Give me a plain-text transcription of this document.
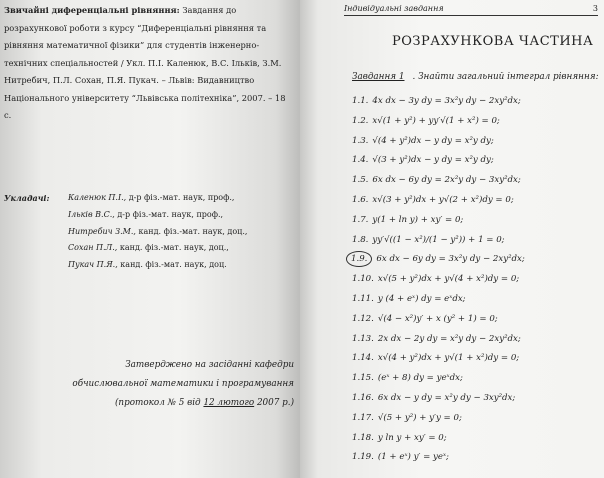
Звичайні диференціальні рівняння: Завдання до розрахункової роботи з курсу “Диференціальні рівняння та рівняння математичної фізики” для студентів інженерно-технічних спеціальностей / Укл. П.І. Каленюк, В.С. Ільків, З.М. Нитребич, П.Л. Сохан, П.Я. Пукач. – Львів: Видавництво Національного університету “Львівська політехніка”, 2007. – 18 с.
Укладачі: Каленюк П.І., д-р фіз.-мат. наук, проф.,
Ільків В.С., д-р фіз.-мат. наук, проф.,
Нитребич З.М., канд. фіз.-мат. наук, доц.,
Сохан П.Л., канд. фіз.-мат. наук, доц.,
Пукач П.Я., канд. фіз.-мат. наук, доц.
Затверджено на засіданні кафедри
обчислювальної математики і програмування
(протокол № 5 від 12 лютого 2007 р.)
Індивідуальні завдання	3
РОЗРАХУНКОВА ЧАСТИНА
Завдання 1 . Знайти загальний інтеграл рівняння:
1.1. 4x dx − 3y dy = 3x²y dy − 2xy²dx;
1.2. x√(1 + y²) + yy′√(1 + x²) = 0;
1.3. √(4 + y²)dx − y dy = x²y dy;
1.4. √(3 + y²)dx − y dy = x²y dy;
1.5. 6x dx − 6y dy = 2x²y dy − 3xy²dx;
1.6. x√(3 + y²)dx + y√(2 + x²)dy = 0;
1.7. y(1 + ln y) + xy′ = 0;
1.8. yy′√((1 − x²)/(1 − y²)) + 1 = 0;
1.9. 6x dx − 6y dy = 3x²y dy − 2xy²dx;
1.10. x√(5 + y²)dx + y√(4 + x²)dy = 0;
1.11. y (4 + eˣ) dy = eˣdx;
1.12. √(4 − x²)y′ + x (y² + 1) = 0;
1.13. 2x dx − 2y dy = x²y dy − 2xy²dx;
1.14. x√(4 + y²)dx + y√(1 + x²)dy = 0;
1.15. (eˣ + 8) dy = yeˣdx;
1.16. 6x dx − y dy = x²y dy − 3xy²dx;
1.17. √(5 + y²) + y′y = 0;
1.18. y ln y + xy′ = 0;
1.19. (1 + eˣ) y′ = yeˣ;
